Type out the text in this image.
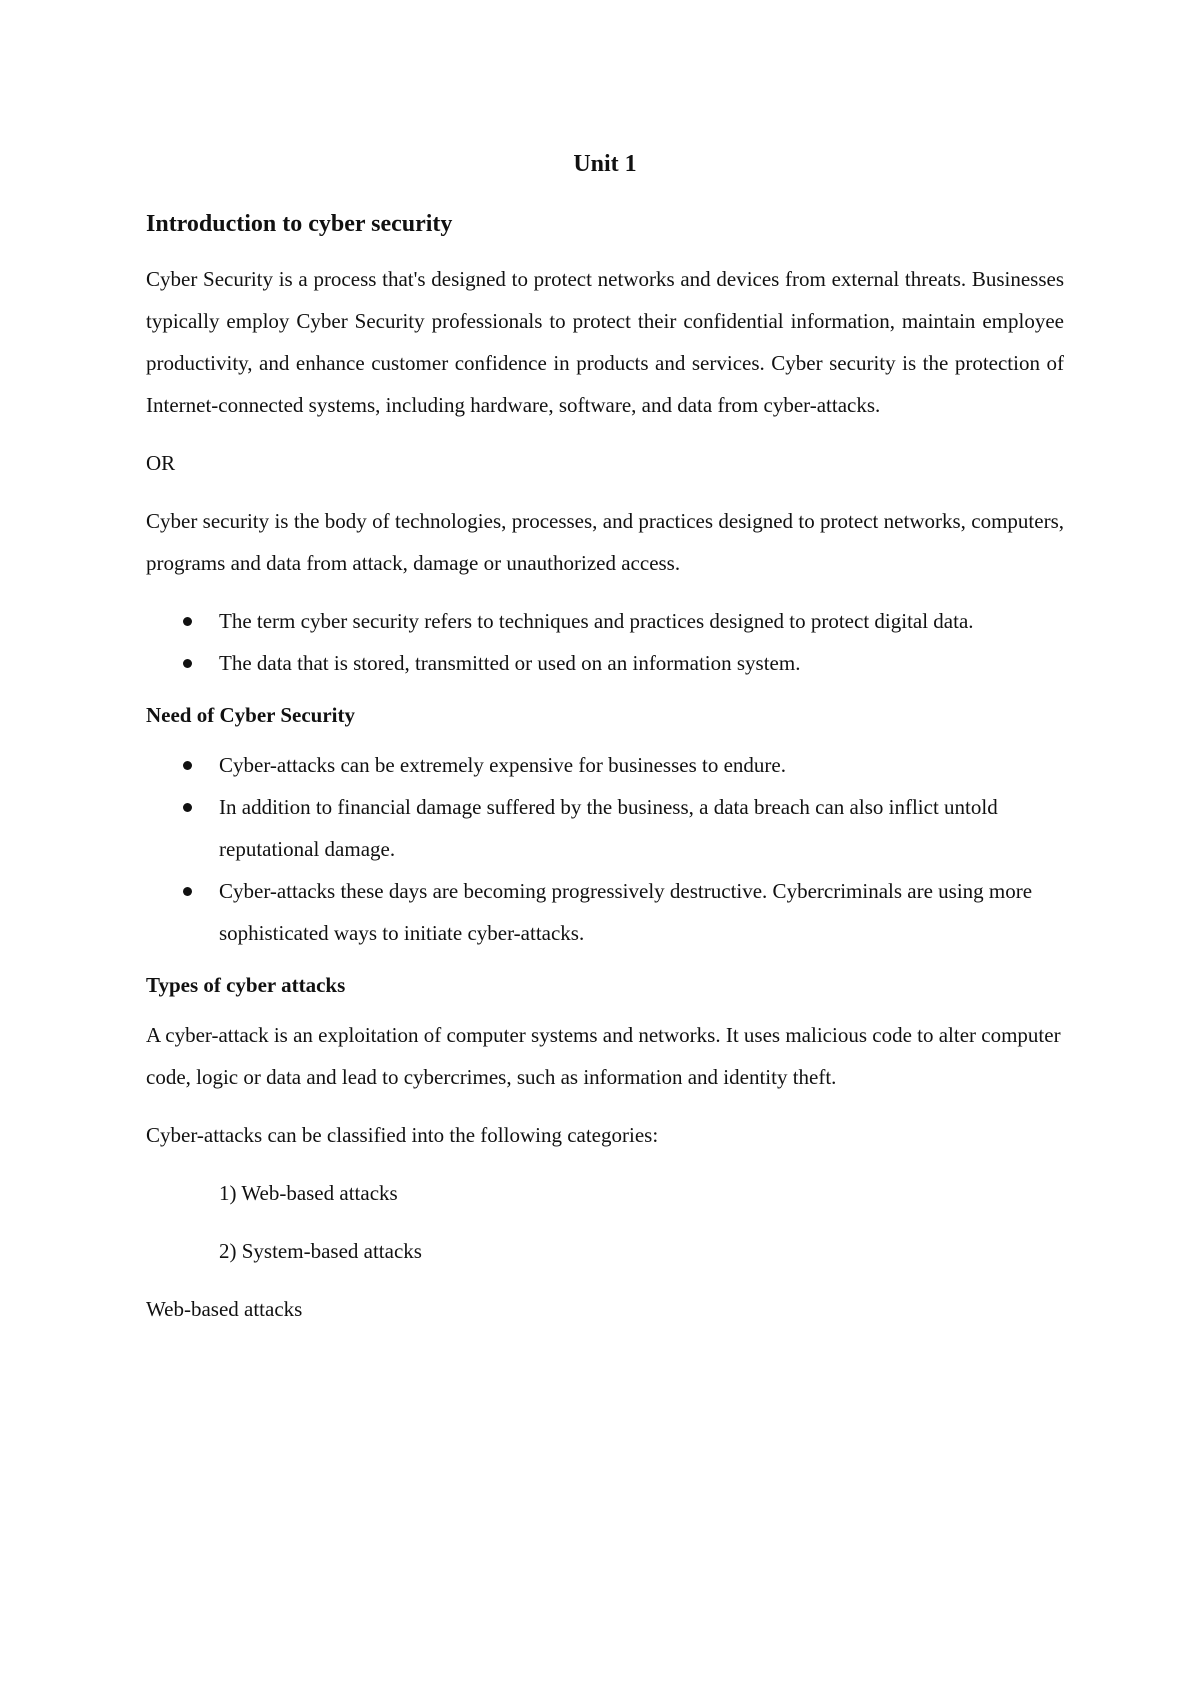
Unit 1
Introduction to cyber security

Cyber Security is a process that's designed to protect networks and devices from external threats. Businesses typically employ Cyber Security professionals to protect their confidential information, maintain employee productivity, and enhance customer confidence in products and services. Cyber security is the protection of Internet-connected systems, including hardware, software, and data from cyber-attacks.

OR

Cyber security is the body of technologies, processes, and practices designed to protect networks, computers, programs and data from attack, damage or unauthorized access.

The term cyber security refers to techniques and practices designed to protect digital data.
The data that is stored, transmitted or used on an information system.
Need of Cyber Security
Cyber-attacks can be extremely expensive for businesses to endure.
In addition to financial damage suffered by the business, a data breach can also inflict untold reputational damage.
Cyber-attacks these days are becoming progressively destructive. Cybercriminals are using more sophisticated ways to initiate cyber-attacks.
Types of cyber attacks

A cyber-attack is an exploitation of computer systems and networks. It uses malicious code to alter computer code, logic or data and lead to cybercrimes, such as information and identity theft.

Cyber-attacks can be classified into the following categories:

1) Web-based attacks

2) System-based attacks

Web-based attacks
